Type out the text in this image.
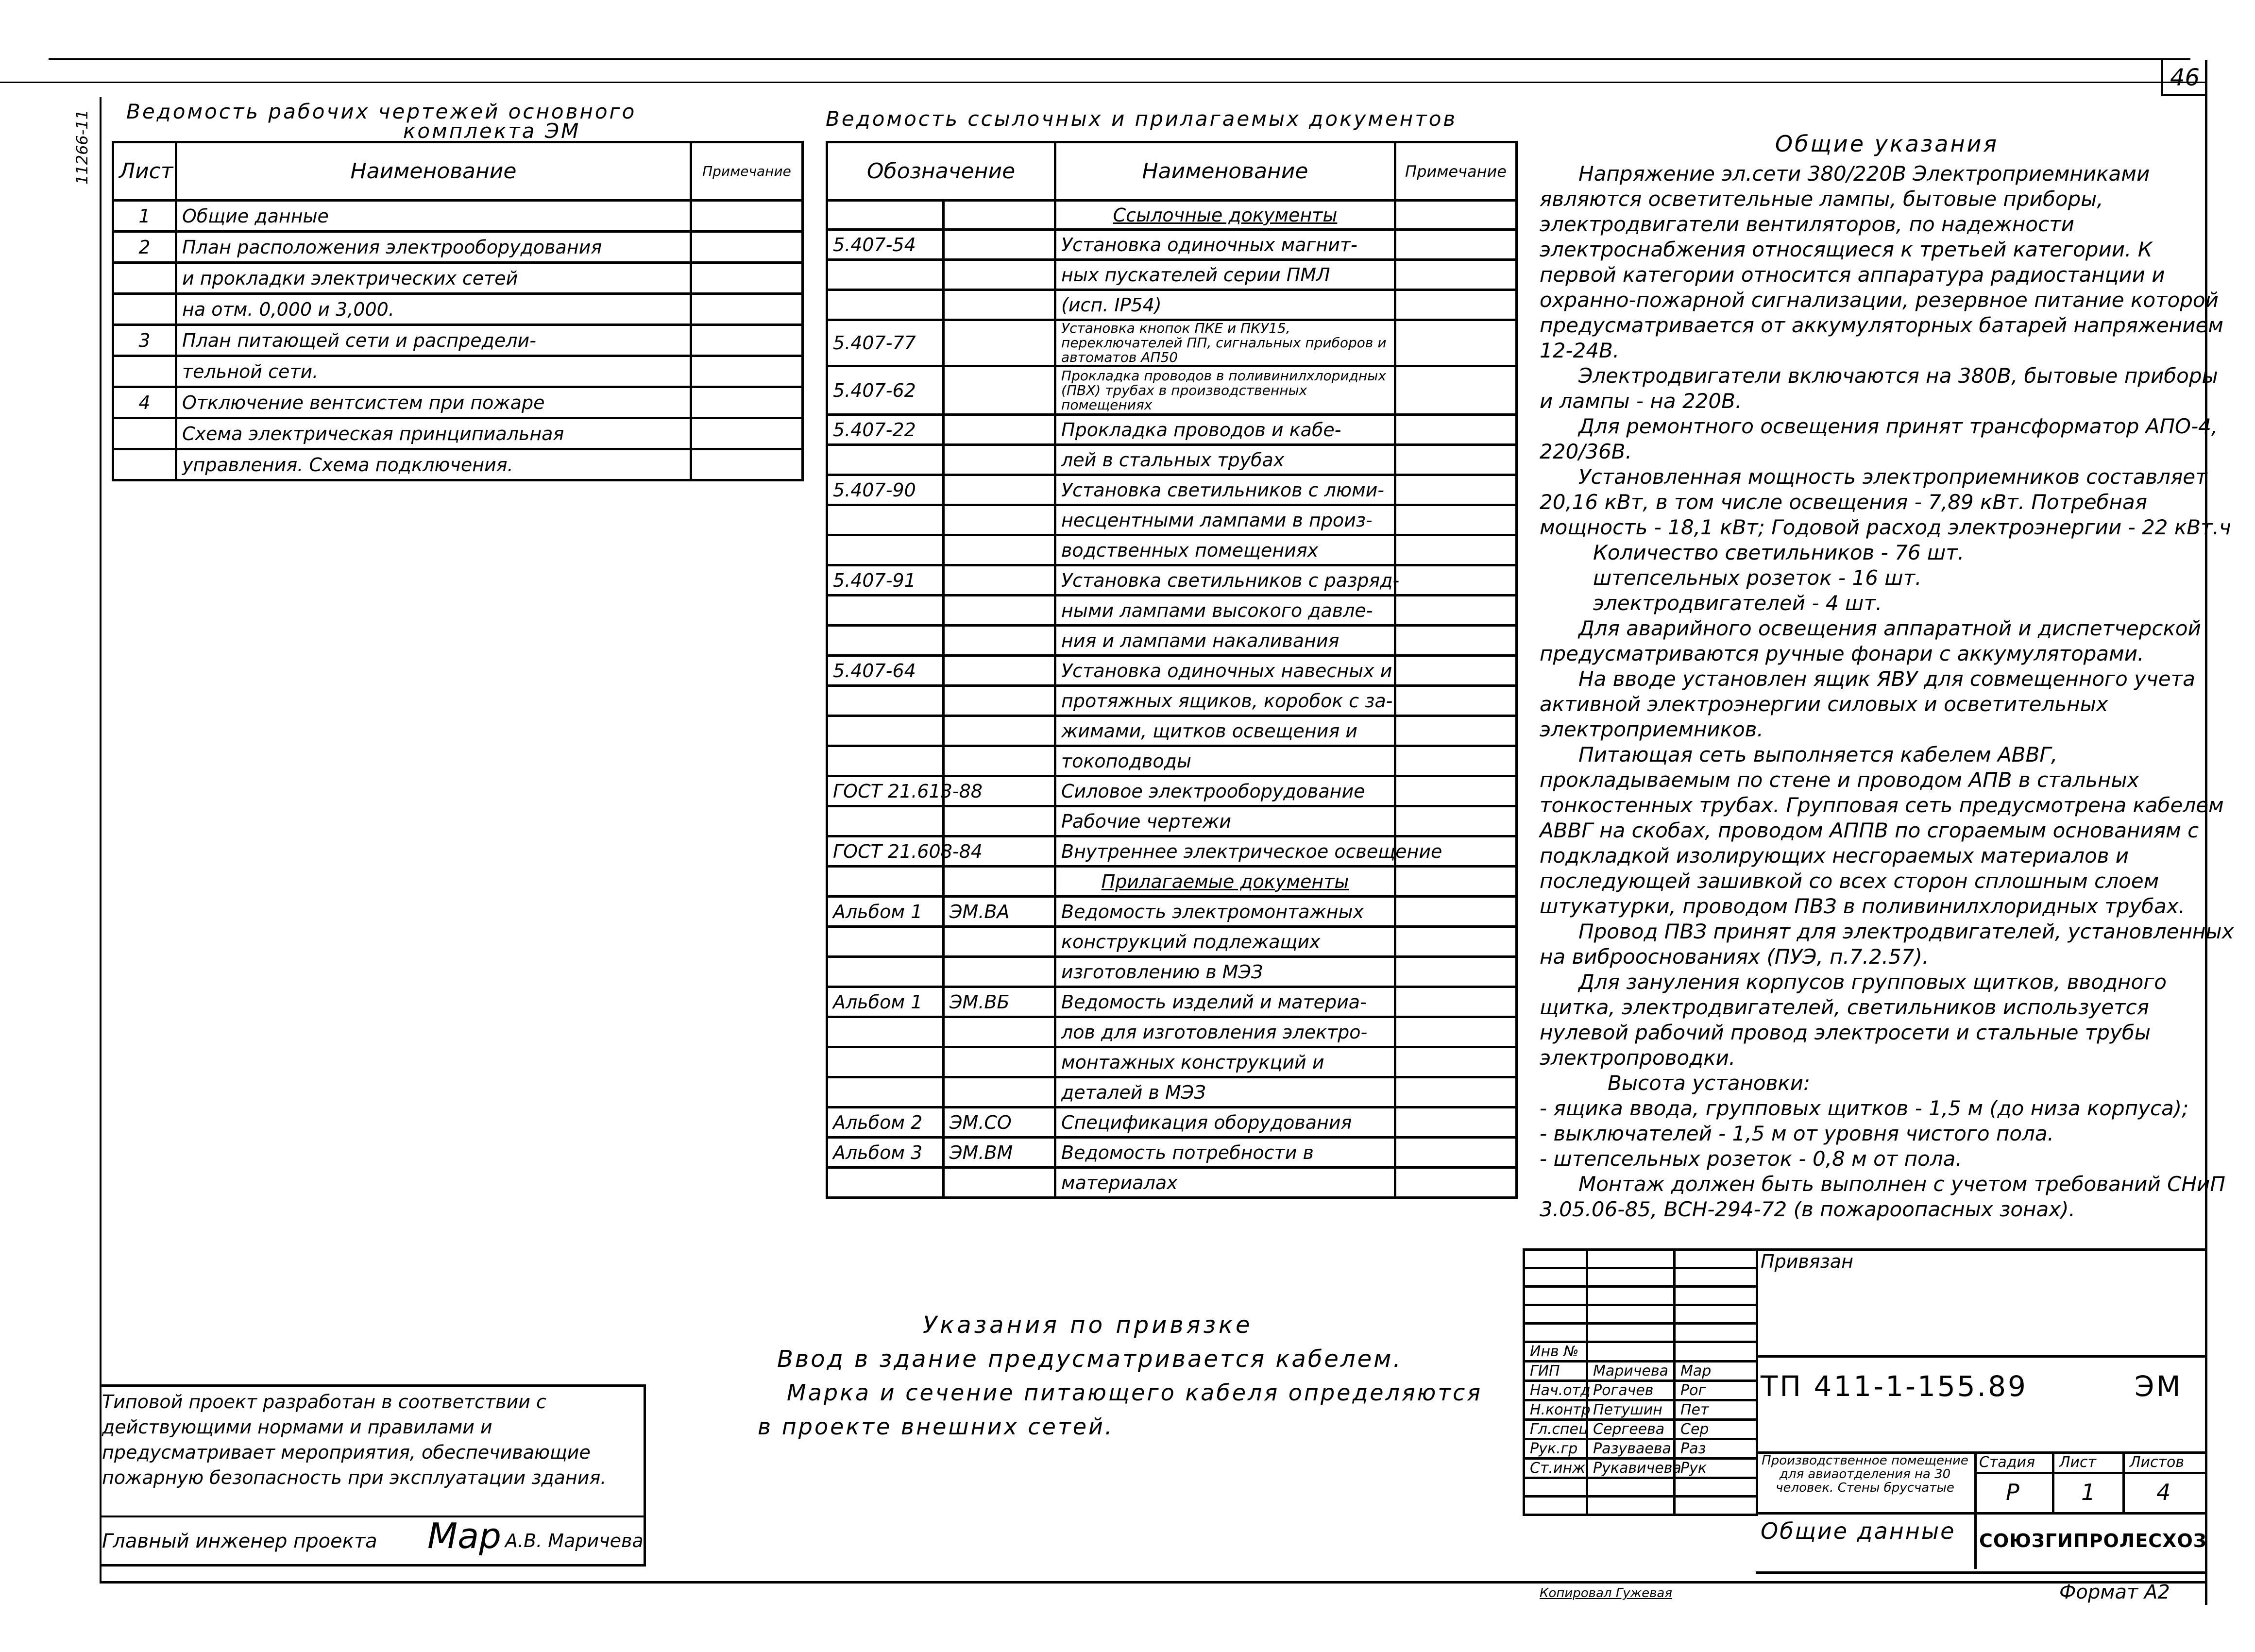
46
11266-11 Ведомость рабочих чертежей основного
комплекта ЭМ
Лист	Наименование	Примечание
1	Общие данные	
2	План расположения электрооборудования	
	и прокладки электрических сетей	
	на отм. 0,000 и 3,000.	
3	План питающей сети и распредели-	
	тельной сети.	
4	Отключение вентсистем при пожаре	
	Схема электрическая принципиальная	
	управления. Схема подключения.	
Ведомость ссылочных и прилагаемых документов
Обозначение		Наименование	Примечание
		Ссылочные документы	
5.407-54		Установка одиночных магнит-	
		ных пускателей серии ПМЛ	
		(исп. IP54)	
5.407-77		Установка кнопок ПКЕ и ПКУ15, переключателей ПП, сигнальных приборов и автоматов АП50	
5.407-62		Прокладка проводов в поливинилхлоридных (ПВХ) трубах в производственных помещениях	
5.407-22		Прокладка проводов и кабе-	
		лей в стальных трубах	
5.407-90		Установка светильников с люми-	
		несцентными лампами в произ-	
		водственных помещениях	
5.407-91		Установка светильников с разряд-	
		ными лампами высокого давле-	
		ния и лампами накаливания	
5.407-64		Установка одиночных навесных и	
		протяжных ящиков, коробок с за-	
		жимами, щитков освещения и	
		токоподводы	
ГОСТ 21.613-88		Силовое электрооборудование	
		Рабочие чертежи	
ГОСТ 21.608-84		Внутреннее электрическое освещение	
		Прилагаемые документы	
Альбом 1	ЭМ.ВА	Ведомость электромонтажных	
		конструкций подлежащих	
		изготовлению в МЭЗ	
Альбом 1	ЭМ.ВБ	Ведомость изделий и материа-	
		лов для изготовления электро-	
		монтажных конструкций и	
		деталей в МЭЗ	
Альбом 2	ЭМ.СО	Спецификация оборудования	
Альбом 3	ЭМ.ВМ	Ведомость потребности в	
		материалах	
Общие указания
Напряжение эл.сети 380/220В Электроприемниками являются осветительные лампы, бытовые приборы, электродвигатели вентиляторов, по надежности электроснабжения относящиеся к третьей категории. К первой категории относится аппаратура радиостанции и охранно-пожарной сигнализации, резервное питание которой предусматривается от аккумуляторных батарей напряжением 12-24В.
Электродвигатели включаются на 380В, бытовые приборы и лампы - на 220В.
Для ремонтного освещения принят трансформатор АПО-4, 220/36В.
Установленная мощность электроприемников составляет 20,16 кВт, в том числе освещения - 7,89 кВт. Потребная мощность - 18,1 кВт; Годовой расход электроэнергии - 22 кВт.ч
Количество светильников - 76 шт.
штепсельных розеток - 16 шт.
электродвигателей - 4 шт.
Для аварийного освещения аппаратной и диспетчерской предусматриваются ручные фонари с аккумуляторами.
На вводе установлен ящик ЯВУ для совмещенного учета активной электроэнергии силовых и осветительных электроприемников.
Питающая сеть выполняется кабелем АВВГ, прокладываемым по стене и проводом АПВ в стальных тонкостенных трубах. Групповая сеть предусмотрена кабелем АВВГ на скобах, проводом АППВ по сгораемым основаниям с подкладкой изолирующих несгораемых материалов и последующей зашивкой со всех сторон сплошным слоем штукатурки, проводом ПВЗ в поливинилхлоридных трубах.
Провод ПВЗ принят для электродвигателей, установленных на виброоснованиях (ПУЭ, п.7.2.57).
Для зануления корпусов групповых щитков, вводного щитка, электродвигателей, светильников используется нулевой рабочий провод электросети и стальные трубы электропроводки.
Высота установки:
- ящика ввода, групповых щитков - 1,5 м (до низа корпуса);
- выключателей - 1,5 м от уровня чистого пола.
- штепсельных розеток - 0,8 м от пола.
Монтаж должен быть выполнен с учетом требований СНиП 3.05.06-85, ВСН-294-72 (в пожароопасных зонах).
Указания по привязке
Ввод в здание предусматривается кабелем.
Марка и сечение питающего кабеля определяются
в проекте внешних сетей.
Типовой проект разработан в соответствии с действующими нормами и правилами и предусматривает мероприятия, обеспечивающие пожарную безопасность при эксплуатации здания.
Главный инженер проекта Мар А.В. Маричева

Инв №		
ГИП	Маричева	Мар
Нач.отд	Рогачев	Рог
Н.контр	Петушин	Пет
Гл.спец	Сергеева	Сер
Рук.гр	Разуваева	Раз
Ст.инж	Рукавичева	Рук

Привязан
ТП 411-1-155.89	ЭМ
Производственное помещение для авиаотделения на 30 человек. Стены брусчатые
Стадия Лист Листов
Р	1	4
Общие данные СОЮЗГИПРОЛЕСХОЗ
Копировал Гужевая	Формат А2
